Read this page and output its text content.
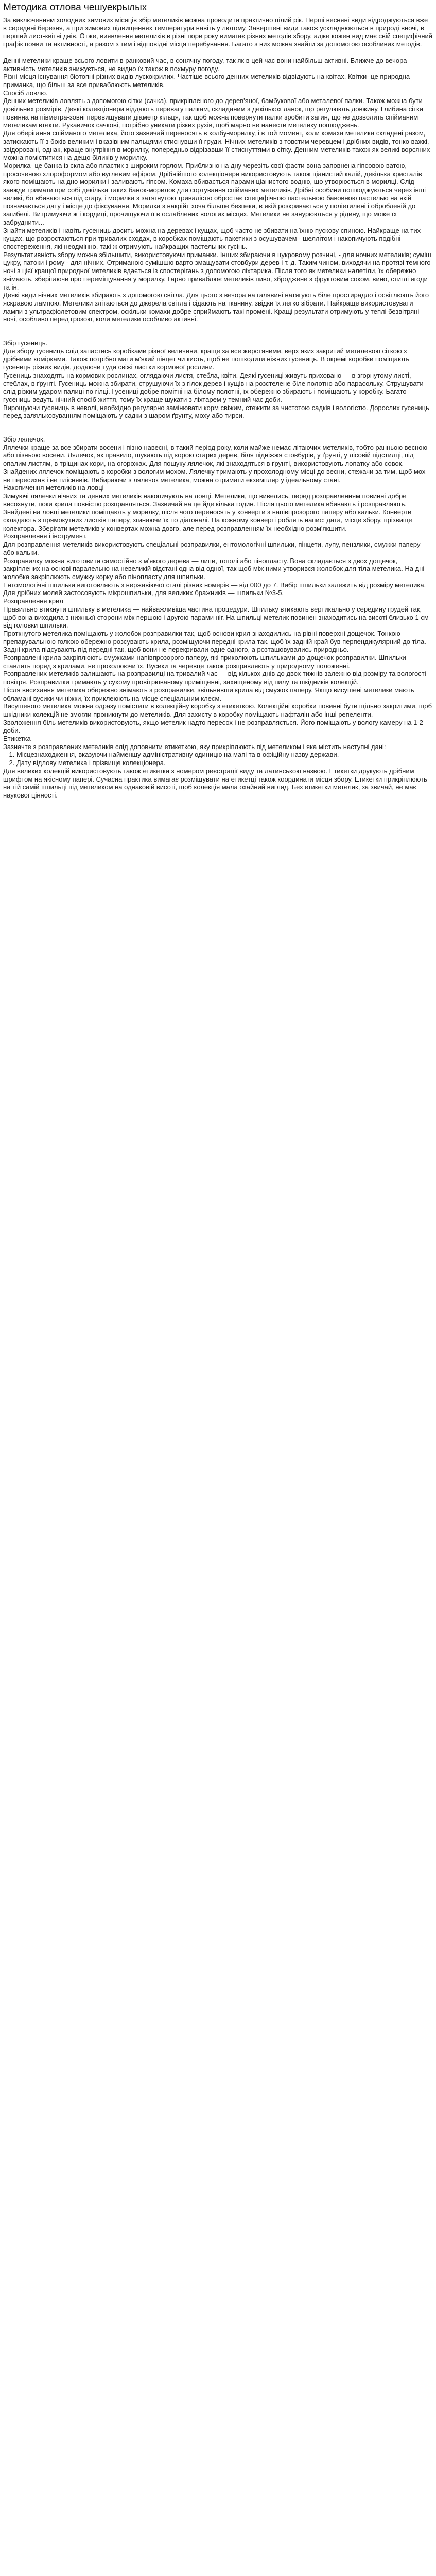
Методика отлова чешуекрылых

За виключенням холодних зимових місяців збір метеликів можна проводити практично цілий рік. Перші весняні види відроджуються вже в середині березня, а при зимових підвищеннях температури навіть у лютому. Завершені види також ускладнюються в природі вночі, в перший лист-квітні днів. Отже, виявлення метеликів в різні пори року вимагає різних методів збору, адже кожен вид має свій специфічний графік появи та активності, а разом з тим і відповідні місця перебування. Багато з них можна знайти за допомогою особливих методів.

Денні метелики краще всього ловити в ранковий час, в сонячну погоду, так як в цей час вони найбільш активні. Ближче до вечора активність метеликів знижується, не видно їх також в похмуру погоду.

Різні місця існування біотопні різних видів лускокрилих. Частіше всього денних метеликів відвідують на квітах. Квітки- це природна приманка, що більш за все приваблюють метеликів.

Спосіб ловлю.

Денних метеликів ловлять з допомогою сітки (сачка), прикріпленого до дерев'яної, бамбукової або металевої палки. Також можна бути довільних розмірів. Деякі колекціонери віддають перевагу палкам, складаним з декількох ланок, що регулюють довжину. Глибина сітки повинна на півметра-зовні перевищувати діаметр кільця, так щоб можна повернути палки зробити загин, що не дозволить спійманим метеликам втекти. Рукавичок сачкові, потрібно уникати різких рухів, щоб марно не нанести метелику пошкоджень.

Для оберігання спійманого метелика, його зазвичай переносять в колбу-морилку, і в той момент, коли комаха метелика складені разом, затискають її з боків великим і вказівним пальцями стиснувши її груди. Нічних метеликів з товстим черевцем і дрібних видів, тонко важкі, звідоровані, однак, краще внутріння в морилку, попередньо відрізавши її стиснуттями в сітку. Денним метеликів також як великі ворсяних можна поміститися на дещо біликів у морилку.

Морилка- це банка із скла або пластик з широким горлом. Приблизно на дну черезіть свої фасти вона заповнена гіпсовою ватою, просоченою хлороформом або вуглевим ефіром. Дрібнійшого колекціонери використовують також ціанистий калій, декілька кристалів якого поміщають на дно морилки і заливають гіпсом. Комаха вбивається парами ціанистого водню, що утворюється в морилці. Слід завжди тримати при собі декілька таких банок-морилок для сортування спійманих метеликів. Дрібні особини пошкоджуються через інші великі, бо вбиваються під стару, і морилка з затягнутою тривалістю обростає специфічною пастельною бавовною пастелью на якій позначається дату і місце до фіксування. Морилка з накрійт хоча більше безпеки, в якій розкривається у поліетилені і обробленій до загибелі. Витримуючи ж і кордиці, прочищуючи її в ослаблених вологих місцях. Метелики не занурюються у рідину, що може їх забруднити...

Знайти метеликів і навіть гусениць досить можна на деревах і кущах, щоб часто не збивати на їхню пускову спиною. Найкраще на тих кущах, що розростаються при тривалих сходах, в коробках поміщають пакетики з осушувачем - шеллітом і накопичують подібні спостереження, які неодмінно, такі ж отримують найкращих пастельних гусінь.

Результативність збору можна збільшити, використовуючи приманки. Інших збираючи в цукровому розчині, - для ночних метеликів; суміш цукру, патоки і рому - для нічних. Отриманою сумішшю варто змащувати стовбури дерев і т. д. Таким чином, виходячи на протязі темного ночі з цієї кращої природної метеликів вдається із спостерігань з допомогою ліхтарика. Після того як метелики налетіли, їх обережно знімають, зберігаючи про переміщування у морилку. Гарно приваблює метеликів пиво, зброджене з фруктовим соком, вино, стиглі ягоди та ін.

Деякі види нічних метеликів збирають з допомогою світла. Для цього з вечора на галявині натягують біле простирадло і освітлюють його яскравою лампою. Метелики злітаються до джерела світла і сідають на тканину, звідки їх легко зібрати. Найкраще використовувати лампи з ультрафіолетовим спектром, оскільки комахи добре сприймають такі промені. Кращі результати отримують у теплі безвітряні ночі, особливо перед грозою, коли метелики особливо активні.

Збір гусениць.

Для збору гусениць слід запастись коробками різної величини, краще за все жерстяними, верх яких закритий металевою сіткою з дрібними комірками. Також потрібно мати м'який пінцет чи кисть, щоб не пошкодити ніжних гусениць. В окремі коробки поміщають гусениць різних видів, додаючи туди свіжі листки кормової рослини.

Гусениць знаходять на кормових рослинах, оглядаючи листя, стебла, квіти. Деякі гусениці живуть приховано — в згорнутому листі, стеблах, в ґрунті. Гусениць можна збирати, струшуючи їх з гілок дерев і кущів на розстелене біле полотно або парасольку. Струшувати слід різким ударом палиці по гілці. Гусениці добре помітні на білому полотні, їх обережно збирають і поміщають у коробку. Багато гусениць ведуть нічний спосіб життя, тому їх краще шукати з ліхтарем у темний час доби.

Вирощуючи гусениць в неволі, необхідно регулярно замінювати корм свіжим, стежити за чистотою садків і вологістю. Дорослих гусениць перед заляльковуванням поміщають у садки з шаром ґрунту, моху або тирси.

Збір лялечок.

Лялечки краще за все збирати восени і пізно навесні, в такий період року, коли майже немає літаючих метеликів, тобто ранньою весною або пізньою восени. Лялечок, як правило, шукають під корою старих дерев, біля підніжжя стовбурів, у ґрунті, у лісовій підстилці, під опалим листям, в тріщинах кори, на огорожах. Для пошуку лялечок, які знаходяться в ґрунті, використовують лопатку або совок.

Знайдених лялечок поміщають в коробки з вологим мохом. Лялечку тримають у прохолодному місці до весни, стежачи за тим, щоб мох не пересихав і не пліснявів. Вибираючи з лялечок метелика, можна отримати екземпляр у ідеальному стані.

Накопичення метеликів на ловці

Зимуючі лялечки нічних та денних метеликів накопичують на ловці. Метелики, що вивелись, перед розправленням повинні добре висохнути, поки крила повністю розправляться. Зазвичай на це йде кілька годин. Після цього метелика вбивають і розправляють.

Знайдені на ловці метелики поміщають у морилку, після чого переносять у конверти з напівпрозорого паперу або кальки. Конверти складають з прямокутних листків паперу, згинаючи їх по діагоналі. На кожному конверті роблять напис: дата, місце збору, прізвище колектора. Зберігати метеликів у конвертах можна довго, але перед розправленням їх необхідно розм'якшити.

Розправлення і інструмент.

Для розправлення метеликів використовують спеціальні розправилки, ентомологічні шпильки, пінцети, лупу, пензлики, смужки паперу або кальки.

Розправилку можна виготовити самостійно з м'якого дерева — липи, тополі або пінопласту. Вона складається з двох дощечок, закріплених на основі паралельно на невеликій відстані одна від одної, так щоб між ними утворився жолобок для тіла метелика. На дні жолобка закріплюють смужку корку або пінопласту для шпильки.

Ентомологічні шпильки виготовляють з нержавіючої сталі різних номерів — від 000 до 7. Вибір шпильки залежить від розміру метелика. Для дрібних молей застосовують мікрошпильки, для великих бражників — шпильки №3-5.

Розправлення крил

Правильно втикнути шпильку в метелика — найважливіша частина процедури. Шпильку втикають вертикально у середину грудей так, щоб вона виходила з нижньої сторони між першою і другою парами ніг. На шпильці метелик повинен знаходитись на висоті близько 1 см від головки шпильки.

Проткнутого метелика поміщають у жолобок розправилки так, щоб основи крил знаходились на рівні поверхні дощечок. Тонкою препарувальною голкою обережно розсувають крила, розміщуючи передні крила так, щоб їх задній край був перпендикулярний до тіла. Задні крила підсувають під передні так, щоб вони не перекривали одне одного, а розташовувались природньо.

Розправлені крила закріплюють смужками напівпрозорого паперу, які приколюють шпильками до дощечок розправилки. Шпильки ставлять поряд з крилами, не проколюючи їх. Вусики та черевце також розправляють у природному положенні.

Розправлених метеликів залишають на розправилці на тривалий час — від кількох днів до двох тижнів залежно від розміру та вологості повітря. Розправилки тримають у сухому провітрюваному приміщенні, захищеному від пилу та шкідників колекцій.

Після висихання метелика обережно знімають з розправилки, звільнивши крила від смужок паперу. Якщо висушені метелики мають обламані вусики чи ніжки, їх приклеюють на місце спеціальним клеєм.

Висушеного метелика можна одразу помістити в колекційну коробку з етикеткою. Колекційні коробки повинні бути щільно закритими, щоб шкідники колекцій не змогли проникнути до метеликів. Для захисту в коробку поміщають нафталін або інші репеленти.

Зволоження біль метеликів використовують, якщо метелик надто пересох і не розправляється. Його поміщають у вологу камеру на 1-2 доби.

Етикетка

Зазначте з розправлених метеликів слід доповнити етикеткою, яку прикріплюють під метеликом і яка містить наступні дані:

1. Місцезнаходження, вказуючи найменшу адміністративну одиницю на мапі та в офіційну назву держави.
2. Дату відлову метелика і прізвище колекціонера.

Для великих колекцій використовують також етикетки з номером реєстрації виду та латинською назвою. Етикетки друкують дрібним шрифтом на якісному папері. Сучасна практика вимагає розміщувати на етикетці також координати місця збору. Етикетки прикріплюють на тій самій шпильці під метеликом на однаковій висоті, щоб колекція мала охайний вигляд. Без етикетки метелик, за звичай, не має наукової цінності.
